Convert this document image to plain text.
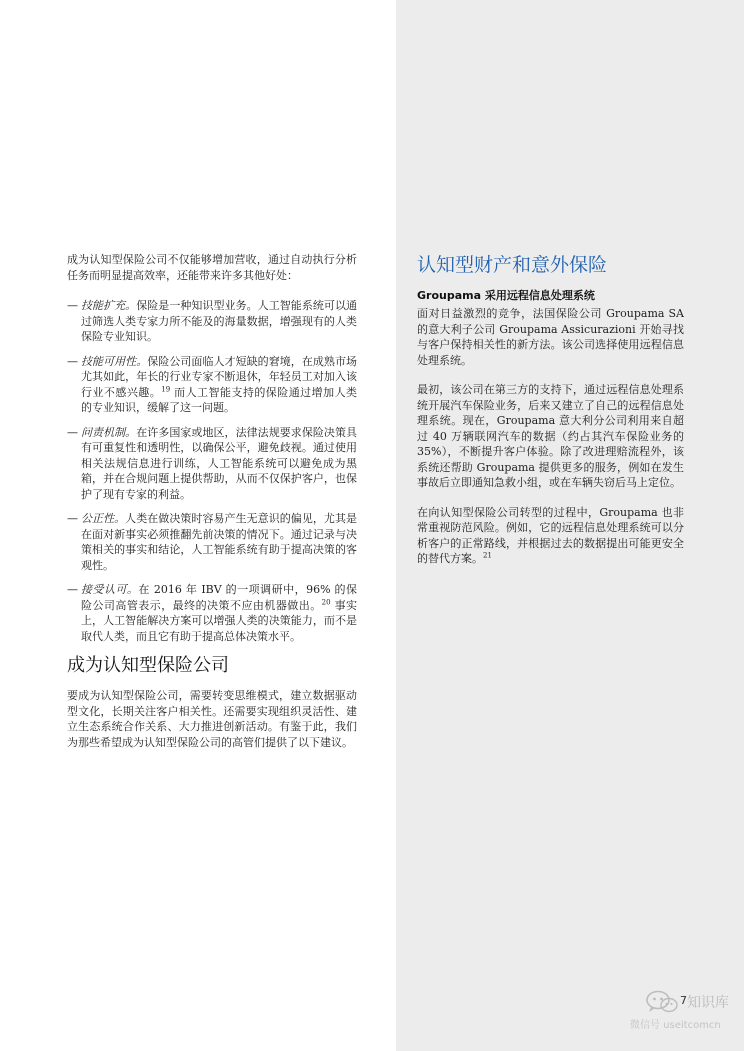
成为认知型保险公司不仅能够增加营收，通过自动执行分析任务而明显提高效率，还能带来许多其他好处：

— 技能扩充。保险是一种知识型业务。人工智能系统可以通过筛选人类专家力所不能及的海量数据，增强现有的人类保险专业知识。
— 技能可用性。保险公司面临人才短缺的窘境，在成熟市场尤其如此，年长的行业专家不断退休，年轻员工对加入该行业不感兴趣。$^{19}$ 而人工智能支持的保险通过增加人类的专业知识，缓解了这一问题。
— 问责机制。在许多国家或地区，法律法规要求保险决策具有可重复性和透明性，以确保公平，避免歧视。通过使用相关法规信息进行训练，人工智能系统可以避免成为黑箱，并在合规问题上提供帮助，从而不仅保护客户，也保护了现有专家的利益。
— 公正性。人类在做决策时容易产生无意识的偏见，尤其是在面对新事实必须推翻先前决策的情况下。通过记录与决策相关的事实和结论，人工智能系统有助于提高决策的客观性。
— 接受认可。在 2016 年 IBV 的一项调研中，96% 的保险公司高管表示，最终的决策不应由机器做出。$^{20}$ 事实上，人工智能解决方案可以增强人类的决策能力，而不是取代人类，而且它有助于提高总体决策水平。
成为认知型保险公司

要成为认知型保险公司，需要转变思维模式，建立数据驱动型文化，长期关注客户相关性。还需要实现组织灵活性、建立生态系统合作关系、大力推进创新活动。有鉴于此，我们为那些希望成为认知型保险公司的高管们提供了以下建议。

认知型财产和意外保险
Groupama 采用远程信息处理系统

面对日益激烈的竞争，法国保险公司 Groupama SA 的意大利子公司 Groupama Assicurazioni 开始寻找与客户保持相关性的新方法。该公司选择使用远程信息处理系统。

最初，该公司在第三方的支持下，通过远程信息处理系统开展汽车保险业务，后来又建立了自己的远程信息处理系统。现在，Groupama 意大利分公司利用来自超过 40 万辆联网汽车的数据（约占其汽车保险业务的 35%），不断提升客户体验。除了改进理赔流程外，该系统还帮助 Groupama 提供更多的服务，例如在发生事故后立即通知急救小组，或在车辆失窃后马上定位。

在向认知型保险公司转型的过程中，Groupama 也非常重视防范风险。例如，它的远程信息处理系统可以分析客户的正常路线，并根据过去的数据提出可能更安全的替代方案。$^{21}$

知识库
微信号 useitcomcn
7
